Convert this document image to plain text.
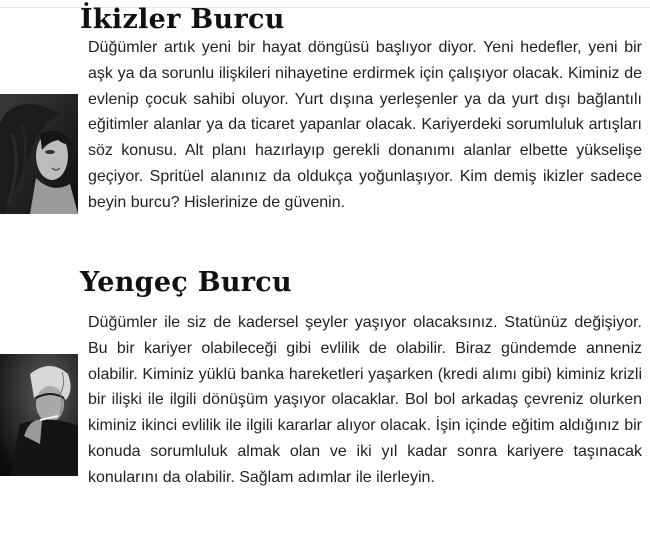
İkizler Burcu

Düğümler artık yeni bir hayat döngüsü başlıyor diyor. Yeni hedefler, yeni bir aşk ya da sorunlu ilişkileri nihayetine erdirmek için çalışıyor olacak. Kiminiz de evlenip çocuk sahibi oluyor. Yurt dışına yerleşenler ya da yurt dışı bağlantılı eğitimler alanlar ya da ticaret yapanlar olacak. Kariyerdeki sorumluluk artışları söz konusu. Alt planı hazırlayıp gerekli donanımı alanlar elbette yükselişe geçiyor. Spritüel alanınız da oldukça yoğunlaşıyor. Kim demiş ikizler sadece beyin burcu? Hislerinize de güvenin.

Yengeç Burcu

Düğümler ile siz de kadersel şeyler yaşıyor olacaksınız. Statünüz değişiyor. Bu bir kariyer olabileceği gibi evlilik de olabilir. Biraz gündemde anneniz olabilir. Kiminiz yüklü banka hareketleri yaşarken (kredi alımı gibi) kiminiz krizli bir ilişki ile ilgili dönüşüm yaşıyor olacaklar. Bol bol arkadaş çevreniz olurken kiminiz ikinci evlilik ile ilgili kararlar alıyor olacak. İşin içinde eğitim aldığınız bir konuda sorumluluk almak olan ve iki yıl kadar sonra kariyere taşınacak konularını da olabilir. Sağlam adımlar ile ilerleyin.
